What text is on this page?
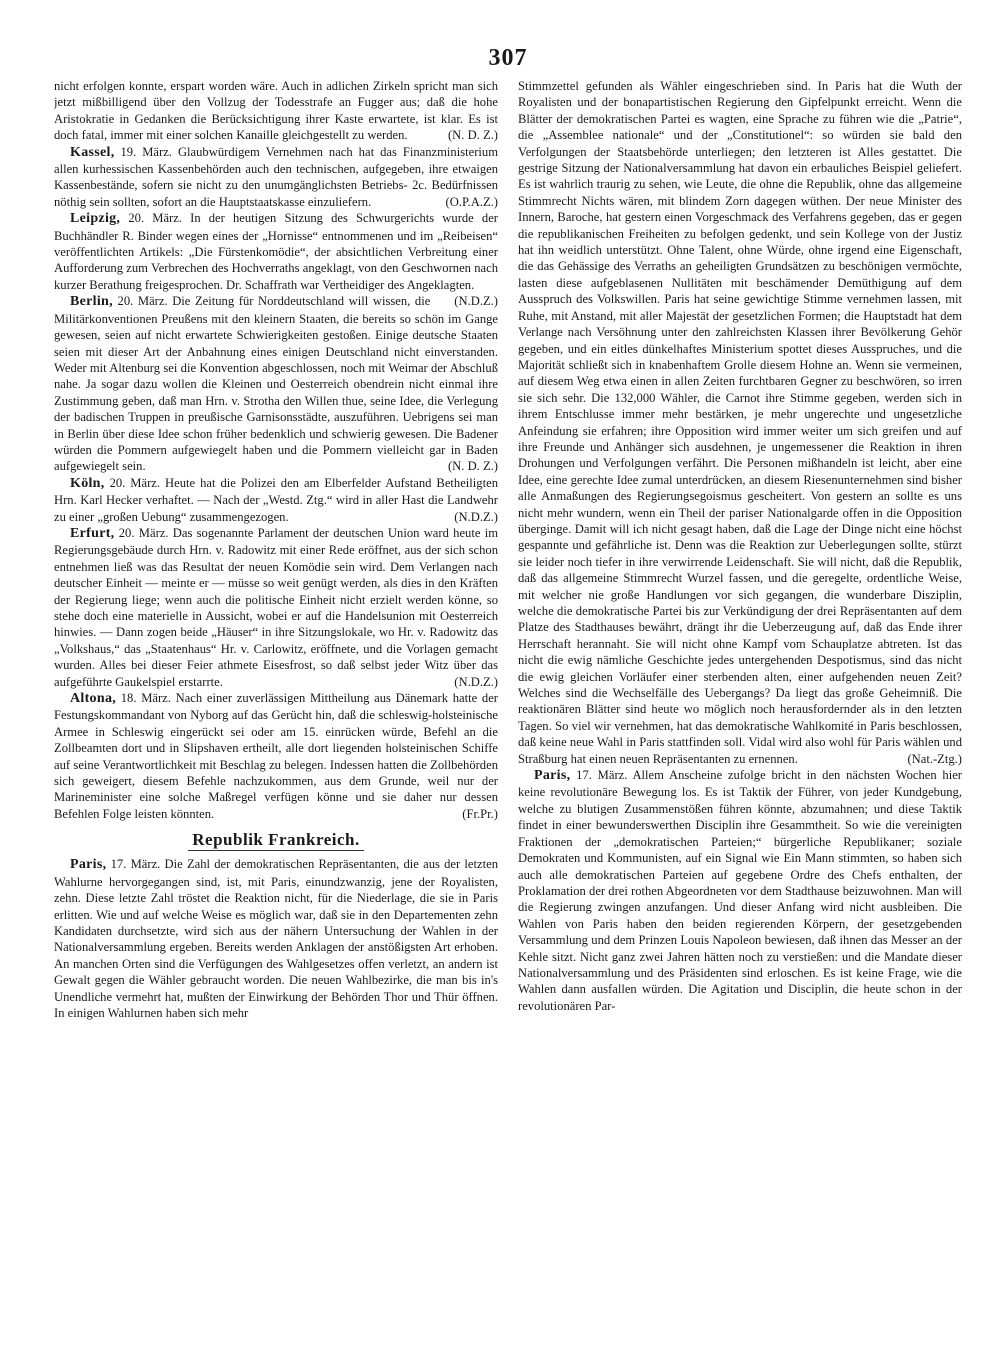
307

nicht erfolgen konnte, erspart worden wäre. Auch in adlichen Zirkeln spricht man sich jetzt mißbilligend über den Vollzug der Todesstrafe an Fugger aus; daß die hohe Aristokratie in Gedanken die Berücksichtigung ihrer Kaste erwartete, ist klar. Es ist doch fatal, immer mit einer solchen Kanaille gleichgestellt zu werden.	(N. D. Z.)

Kassel, 19. März. Glaubwürdigem Vernehmen nach hat das Finanzministerium allen kurhessischen Kassenbehörden auch den technischen, aufgegeben, ihre etwaigen Kassenbestände, sofern sie nicht zu den unumgänglichsten Betriebs- 2c. Bedürfnissen nöthig sein sollten, sofort an die Hauptstaatskasse einzuliefern.	(O.P.A.Z.)

Leipzig, 20. März. In der heutigen Sitzung des Schwurgerichts wurde der Buchhändler R. Binder wegen eines der „Hornisse“ entnommenen und im „Reibeisen“ veröffentlichten Artikels: „Die Fürstenkomödie“, der absichtlichen Verbreitung einer Aufforderung zum Verbrechen des Hochverraths angeklagt, von den Geschwornen nach kurzer Berathung freigesprochen. Dr. Schaffrath war Vertheidiger des Angeklagten.
(N.D.Z.)

Berlin, 20. März. Die Zeitung für Norddeutschland will wissen, die Militärkonventionen Preußens mit den kleinern Staaten, die bereits so schön im Gange gewesen, seien auf nicht erwartete Schwierigkeiten gestoßen. Einige deutsche Staaten seien mit dieser Art der Anbahnung eines einigen Deutschland nicht einverstanden. Weder mit Altenburg sei die Konvention abgeschlossen, noch mit Weimar der Abschluß nahe. Ja sogar dazu wollen die Kleinen und Oesterreich obendrein nicht einmal ihre Zustimmung geben, daß man Hrn. v. Strotha den Willen thue, seine Idee, die Verlegung der badischen Truppen in preußische Garnisonsstädte, auszuführen. Uebrigens sei man in Berlin über diese Idee schon früher bedenklich und schwierig gewesen. Die Badener würden die Pommern aufgewiegelt haben und die Pommern vielleicht gar in Baden aufgewiegelt sein.	(N. D. Z.)

Köln, 20. März. Heute hat die Polizei den am Elberfelder Aufstand Betheiligten Hrn. Karl Hecker verhaftet. — Nach der „Westd. Ztg.“ wird in aller Hast die Landwehr zu einer „großen Uebung“ zusammengezogen.	(N.D.Z.)

Erfurt, 20. März. Das sogenannte Parlament der deutschen Union ward heute im Regierungsgebäude durch Hrn. v. Radowitz mit einer Rede eröffnet, aus der sich schon entnehmen ließ was das Resultat der neuen Komödie sein wird. Dem Verlangen nach deutscher Einheit — meinte er — müsse so weit genügt werden, als dies in den Kräften der Regierung liege; wenn auch die politische Einheit nicht erzielt werden könne, so stehe doch eine materielle in Aussicht, wobei er auf die Handelsunion mit Oesterreich hinwies. — Dann zogen beide „Häuser“ in ihre Sitzungslokale, wo Hr. v. Radowitz das „Volkshaus,“ das „Staatenhaus“ Hr. v. Carlowitz, eröffnete, und die Vorlagen gemacht wurden. Alles bei dieser Feier athmete Eisesfrost, so daß selbst jeder Witz über das aufgeführte Gaukelspiel erstarrte.	(N.D.Z.)

Altona, 18. März. Nach einer zuverlässigen Mittheilung aus Dänemark hatte der Festungskommandant von Nyborg auf das Gerücht hin, daß die schleswig-holsteinische Armee in Schleswig eingerückt sei oder am 15. einrücken würde, Befehl an die Zollbeamten dort und in Slipshaven ertheilt, alle dort liegenden holsteinischen Schiffe auf seine Verantwortlichkeit mit Beschlag zu belegen. Indessen hatten die Zollbehörden sich geweigert, diesem Befehle nachzukommen, aus dem Grunde, weil nur der Marineminister eine solche Maßregel verfügen könne und sie daher nur dessen Befehlen Folge leisten könnten.	(Fr.Pr.)

Republik Frankreich.

Paris, 17. März. Die Zahl der demokratischen Repräsentanten, die aus der letzten Wahlurne hervorgegangen sind, ist, mit Paris, einundzwanzig, jene der Royalisten, zehn. Diese letzte Zahl tröstet die Reaktion nicht, für die Niederlage, die sie in Paris erlitten. Wie und auf welche Weise es möglich war, daß sie in den Departementen zehn Kandidaten durchsetzte, wird sich aus der nähern Untersuchung der Wahlen in der Nationalversammlung ergeben. Bereits werden Anklagen der anstößigsten Art erhoben. An manchen Orten sind die Verfügungen des Wahlgesetzes offen verletzt, an andern ist Gewalt gegen die Wähler gebraucht worden. Die neuen Wahlbezirke, die man bis in's Unendliche vermehrt hat, mußten der Einwirkung der Behörden Thor und Thür öffnen. In einigen Wahlurnen haben sich mehr

Stimmzettel gefunden als Wähler eingeschrieben sind. In Paris hat die Wuth der Royalisten und der bonapartistischen Regierung den Gipfelpunkt erreicht. Wenn die Blätter der demokratischen Partei es wagten, eine Sprache zu führen wie die „Patrie“, die „Assemblee nationale“ und der „Constitutionel“: so würden sie bald den Verfolgungen der Staatsbehörde unterliegen; den letzteren ist Alles gestattet. Die gestrige Sitzung der Nationalversammlung hat davon ein erbauliches Beispiel geliefert. Es ist wahrlich traurig zu sehen, wie Leute, die ohne die Republik, ohne das allgemeine Stimmrecht Nichts wären, mit blindem Zorn dagegen wüthen. Der neue Minister des Innern, Baroche, hat gestern einen Vorgeschmack des Verfahrens gegeben, das er gegen die republikanischen Freiheiten zu befolgen gedenkt, und sein Kollege von der Justiz hat ihn weidlich unterstützt. Ohne Talent, ohne Würde, ohne irgend eine Eigenschaft, die das Gehässige des Verraths an geheiligten Grundsätzen zu beschönigen vermöchte, lasten diese aufgeblasenen Nullitäten mit beschämender Demüthigung auf dem Ausspruch des Volkswillen. Paris hat seine gewichtige Stimme vernehmen lassen, mit Ruhe, mit Anstand, mit aller Majestät der gesetzlichen Formen; die Hauptstadt hat dem Verlange nach Versöhnung unter den zahlreichsten Klassen ihrer Bevölkerung Gehör gegeben, und ein eitles dünkelhaftes Ministerium spottet dieses Ausspruches, und die Majorität schließt sich in knabenhaftem Grolle diesem Hohne an. Wenn sie vermeinen, auf diesem Weg etwa einen in allen Zeiten furchtbaren Gegner zu beschwören, so irren sie sich sehr. Die 132,000 Wähler, die Carnot ihre Stimme gegeben, werden sich in ihrem Entschlusse immer mehr bestärken, je mehr ungerechte und ungesetzliche Anfeindung sie erfahren; ihre Opposition wird immer weiter um sich greifen und auf ihre Freunde und Anhänger sich ausdehnen, je ungemessener die Reaktion in ihren Drohungen und Verfolgungen verfährt. Die Personen mißhandeln ist leicht, aber eine Idee, eine gerechte Idee zumal unterdrücken, an diesem Riesenunternehmen sind bisher alle Anmaßungen des Regierungsegoismus gescheitert. Von gestern an sollte es uns nicht mehr wundern, wenn ein Theil der pariser Nationalgarde offen in die Opposition überginge. Damit will ich nicht gesagt haben, daß die Lage der Dinge nicht eine höchst gespannte und gefährliche ist. Denn was die Reaktion zur Ueberlegungen sollte, stürzt sie leider noch tiefer in ihre verwirrende Leidenschaft. Sie will nicht, daß die Republik, daß das allgemeine Stimmrecht Wurzel fassen, und die geregelte, ordentliche Weise, mit welcher nie große Handlungen vor sich gegangen, die wunderbare Disziplin, welche die demokratische Partei bis zur Verkündigung der drei Repräsentanten auf dem Platze des Stadthauses bewährt, drängt ihr die Ueberzeugung auf, daß das Ende ihrer Herrschaft herannaht. Sie will nicht ohne Kampf vom Schauplatze abtreten. Ist das nicht die ewig nämliche Geschichte jedes untergehenden Despotismus, sind das nicht die ewig gleichen Vorläufer einer sterbenden alten, einer aufgehenden neuen Zeit? Welches sind die Wechselfälle des Uebergangs? Da liegt das große Geheimniß. Die reaktionären Blätter sind heute wo möglich noch herausfordernder als in den letzten Tagen. So viel wir vernehmen, hat das demokratische Wahlkomité in Paris beschlossen, daß keine neue Wahl in Paris stattfinden soll. Vidal wird also wohl für Paris wählen und Straßburg hat einen neuen Repräsentanten zu ernennen.	(Nat.-Ztg.)

Paris, 17. März. Allem Anscheine zufolge bricht in den nächsten Wochen hier keine revolutionäre Bewegung los. Es ist Taktik der Führer, von jeder Kundgebung, welche zu blutigen Zusammenstößen führen könnte, abzumahnen; und diese Taktik findet in einer bewunderswerthen Disciplin ihre Gesammtheit. So wie die vereinigten Fraktionen der „demokratischen Parteien;“ bürgerliche Republikaner; soziale Demokraten und Kommunisten, auf ein Signal wie Ein Mann stimmten, so haben sich auch alle demokratischen Parteien auf gegebene Ordre des Chefs enthalten, der Proklamation der drei rothen Abgeordneten vor dem Stadthause beizuwohnen. Man will die Regierung zwingen anzufangen. Und dieser Anfang wird nicht ausbleiben. Die Wahlen von Paris haben den beiden regierenden Körpern, der gesetzgebenden Versammlung und dem Prinzen Louis Napoleon bewiesen, daß ihnen das Messer an der Kehle sitzt. Nicht ganz zwei Jahren hätten noch zu verstießen: und die Mandate dieser Nationalversammlung und des Präsidenten sind erloschen. Es ist keine Frage, wie die Wahlen dann ausfallen würden. Die Agitation und Disciplin, die heute schon in der revolutionären Par-
